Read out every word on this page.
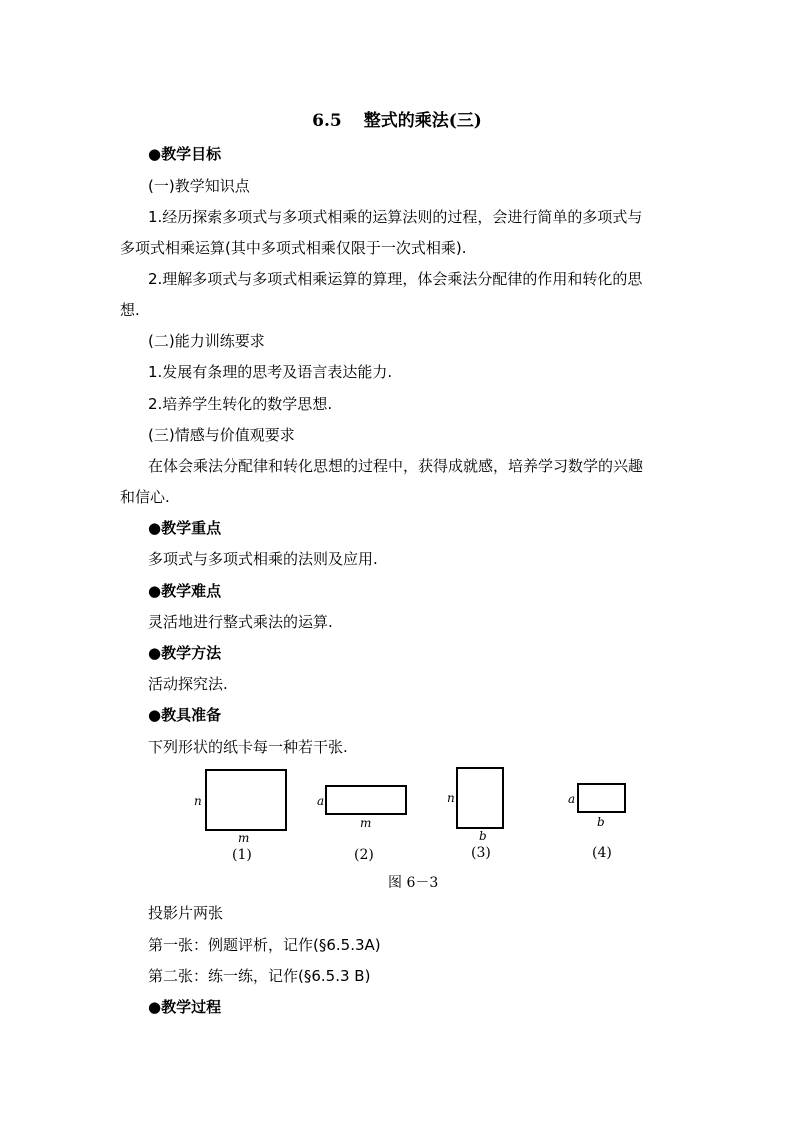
6.5 整式的乘法(三)
●教学目标
(一)教学知识点
1.经历探索多项式与多项式相乘的运算法则的过程，会进行简单的多项式与
多项式相乘运算(其中多项式相乘仅限于一次式相乘).
2.理解多项式与多项式相乘运算的算理，体会乘法分配律的作用和转化的思
想.
(二)能力训练要求
1.发展有条理的思考及语言表达能力.
2.培养学生转化的数学思想.
(三)情感与价值观要求
在体会乘法分配律和转化思想的过程中，获得成就感，培养学习数学的兴趣
和信心.
●教学重点
多项式与多项式相乘的法则及应用.
●教学难点
灵活地进行整式乘法的运算.
●教学方法
活动探究法.
●教具准备
下列形状的纸卡每一种若干张.
n
m
(1)
a
m
(2)
n
b
(3)
a
b
(4)
图 6－3
投影片两张
第一张：例题评析，记作(§6.5.3A)
第二张：练一练，记作(§6.5.3 B)
●教学过程
